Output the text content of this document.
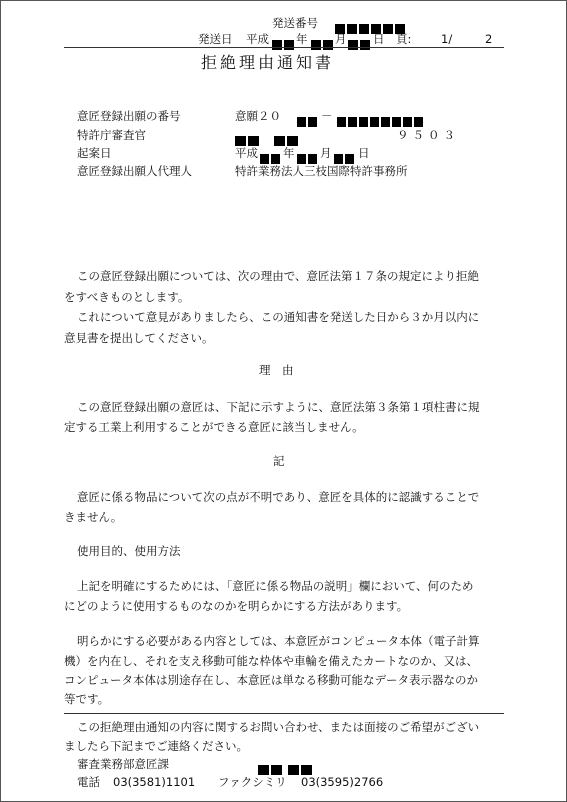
発送番号
発送日 平成 年 月 日 頁:	1/	2
拒絶理由通知書
意匠登録出願の番号	意願２０	－
特許庁審査官	９５０３
起案日	平成 年 月 日
意匠登録出願人代理人	特許業務法人三枝国際特許事務所
この意匠登録出願については、次の理由で、意匠法第１７条の規定により拒絶
をすべきものとします。
これについて意見がありましたら、この通知書を発送した日から３か月以内に
意見書を提出してください。
理　由
この意匠登録出願の意匠は、下記に示すように、意匠法第３条第１項柱書に規
定する工業上利用することができる意匠に該当しません。
記
意匠に係る物品について次の点が不明であり、意匠を具体的に認識することで
きません。
使用目的、使用方法
上記を明確にするためには、「意匠に係る物品の説明」欄において、何のため
にどのように使用するものなのかを明らかにする方法があります。
明らかにする必要がある内容としては、本意匠がコンピュータ本体（電子計算
機）を内在し、それを支え移動可能な枠体や車輪を備えたカートなのか、又は、
コンピュータ本体は別途存在し、本意匠は単なる移動可能なデータ表示器なのか
等です。
この拒絶理由通知の内容に関するお問い合わせ、または面接のご希望がござい
ましたら下記までご連絡ください。
審査業務部意匠課
電話 03(3581)1101 ファクシミリ 03(3595)2766
